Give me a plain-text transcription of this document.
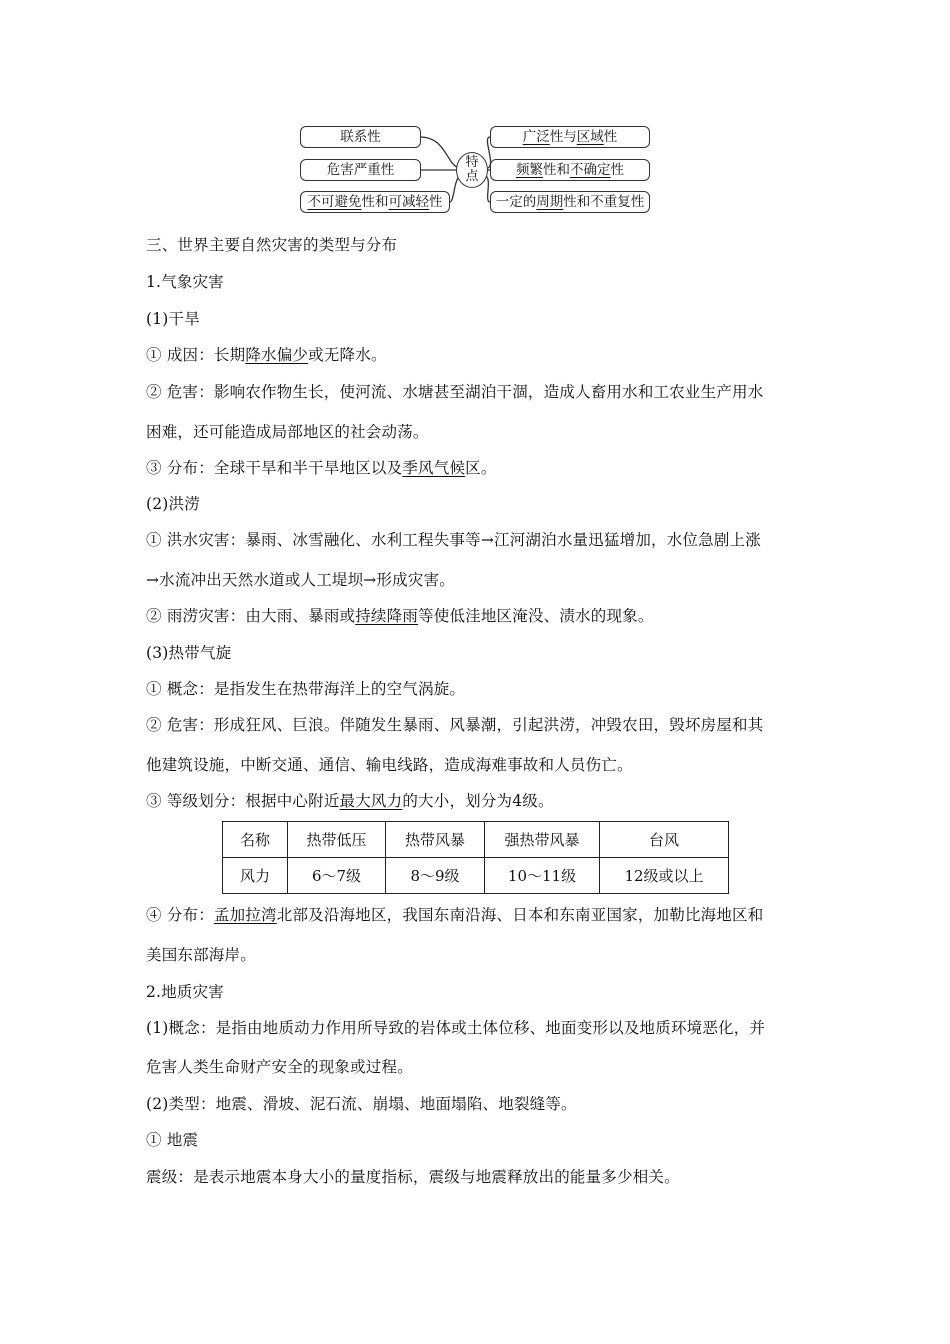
联系性
危害严重性
不可避免性和可减轻性
特点
广泛性与区域性
频繁性和不确定性
一定的周期性和不重复性
三、世界主要自然灾害的类型与分布
1.气象灾害
(1)干旱
① 成因：长期降水偏少或无降水。
② 危害：影响农作物生长，使河流、水塘甚至湖泊干涸，造成人畜用水和工农业生产用水
困难，还可能造成局部地区的社会动荡。
③ 分布：全球干旱和半干旱地区以及季风气候区。
(2)洪涝
① 洪水灾害：暴雨、冰雪融化、水利工程失事等→江河湖泊水量迅猛增加，水位急剧上涨
→水流冲出天然水道或人工堤坝→形成灾害。
② 雨涝灾害：由大雨、暴雨或持续降雨等使低洼地区淹没、渍水的现象。
(3)热带气旋
① 概念：是指发生在热带海洋上的空气涡旋。
② 危害：形成狂风、巨浪。伴随发生暴雨、风暴潮，引起洪涝，冲毁农田，毁坏房屋和其
他建筑设施，中断交通、通信、输电线路，造成海难事故和人员伤亡。
③ 等级划分：根据中心附近最大风力的大小，划分为4级。
名称	热带低压	热带风暴	强热带风暴	台风
风力	6～7级	8～9级	10～11级	12级或以上
④ 分布：孟加拉湾北部及沿海地区，我国东南沿海、日本和东南亚国家，加勒比海地区和
美国东部海岸。
2.地质灾害
(1)概念：是指由地质动力作用所导致的岩体或土体位移、地面变形以及地质环境恶化，并
危害人类生命财产安全的现象或过程。
(2)类型：地震、滑坡、泥石流、崩塌、地面塌陷、地裂缝等。
① 地震
震级：是表示地震本身大小的量度指标，震级与地震释放出的能量多少相关。
